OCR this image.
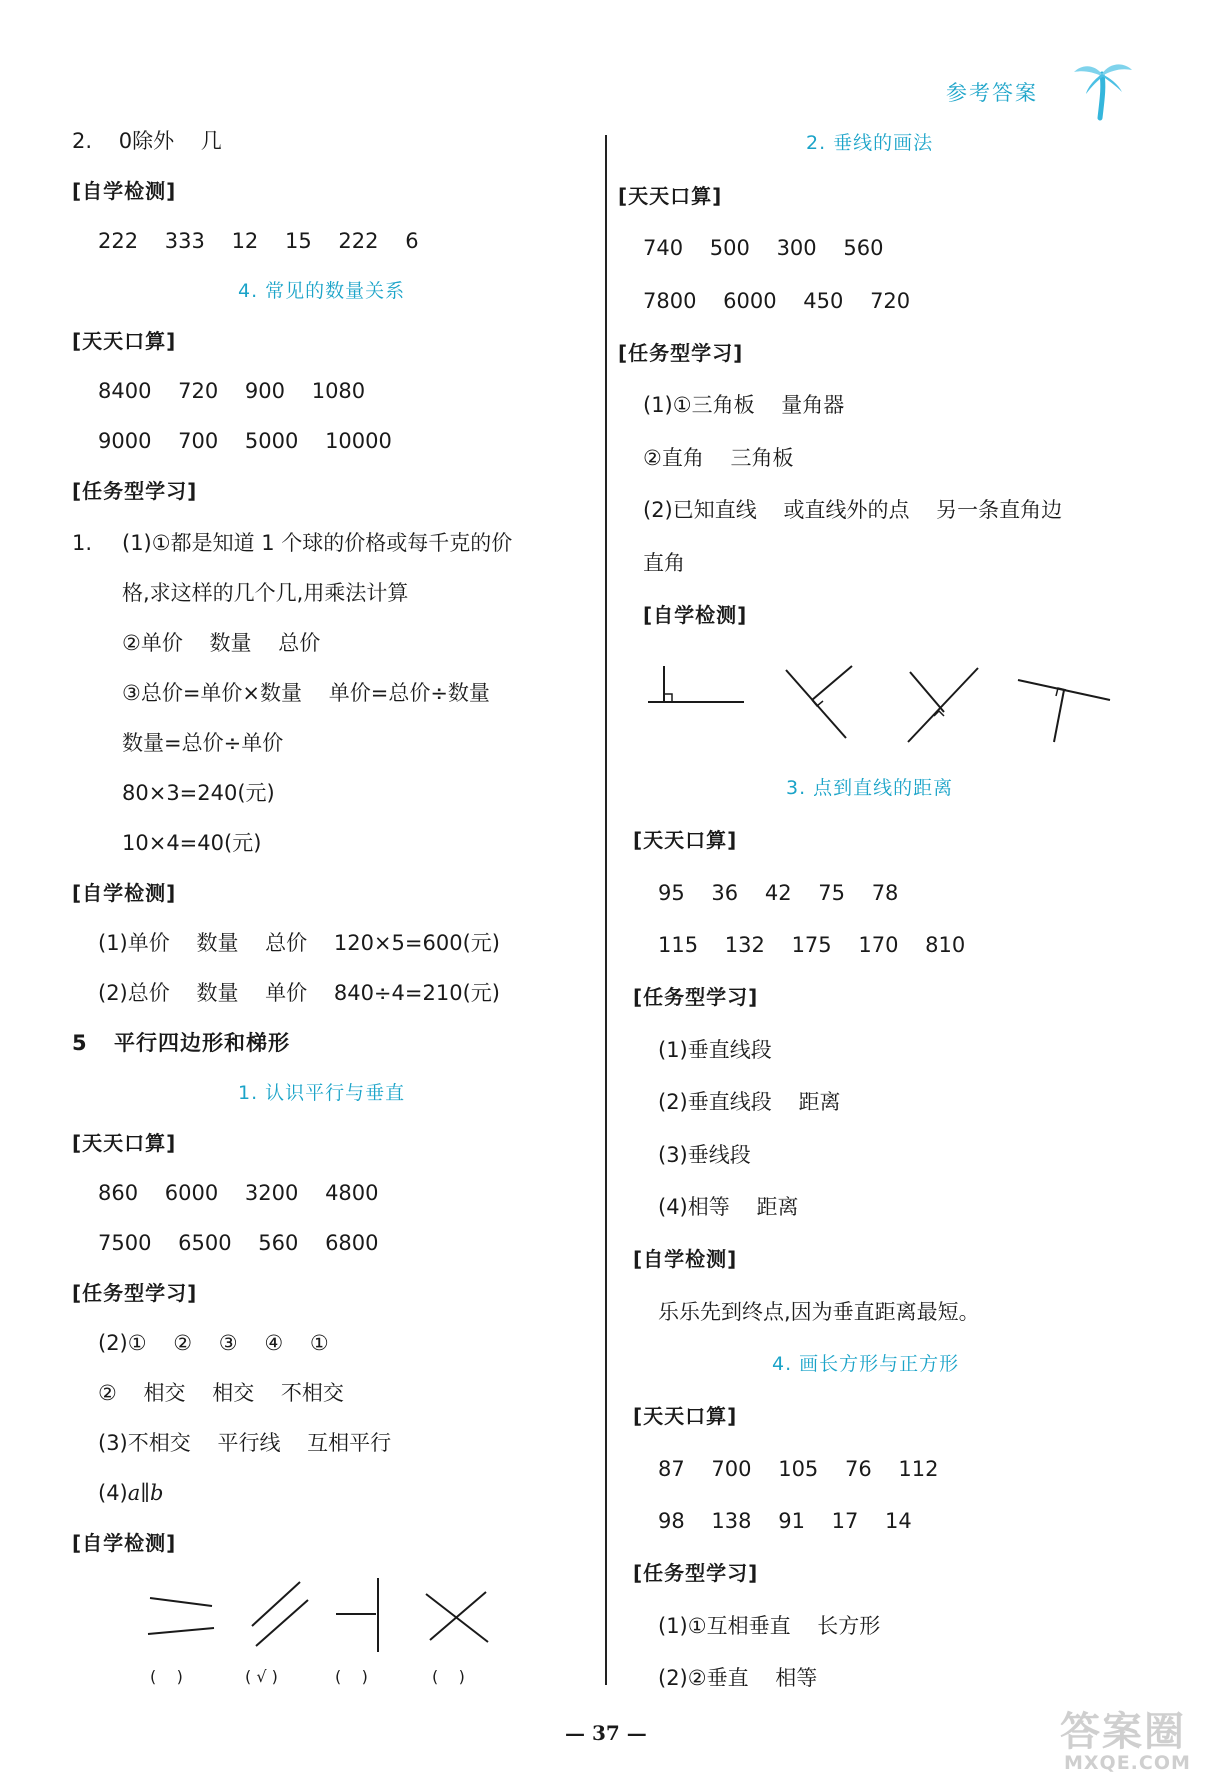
参考答案
2.    0除外    几
[自学检测]
222    333    12    15    222    6
4. 常见的数量关系
[天天口算]
8400    720    900    1080
9000    700    5000    10000
[任务型学习]
1. (1)①都是知道 1 个球的价格或每千克的价
格,求这样的几个几,用乘法计算
②单价    数量    总价
③总价=单价×数量    单价=总价÷数量
数量=总价÷单价
80×3=240(元)
10×4=40(元)
[自学检测]
(1)单价    数量    总价    120×5=600(元)
(2)总价    数量    单价    840÷4=210(元)
5 平行四边形和梯形
1. 认识平行与垂直
[天天口算]
860    6000    3200    4800
7500    6500    560    6800
[任务型学习]
(2)①    ②    ③    ④    ①
②    相交    相交    不相交
(3)不相交    平行线    互相平行
(4)a∥b
[自学检测]
(    )	( √ )	(    )	(    )
2. 垂线的画法
[天天口算]
740    500    300    560
7800    6000    450    720
[任务型学习]
(1)①三角板    量角器
②直角    三角板
(2)已知直线    或直线外的点    另一条直角边
直角
[自学检测]
3. 点到直线的距离
[天天口算]
95    36    42    75    78
115    132    175    170    810
[任务型学习]
(1)垂直线段
(2)垂直线段    距离
(3)垂线段
(4)相等    距离
[自学检测]
乐乐先到终点,因为垂直距离最短。
4. 画长方形与正方形
[天天口算]
87    700    105    76    112
98    138    91    17    14
[任务型学习]
(1)①互相垂直    长方形
(2)②垂直    相等
— 37 —	答案圈
MXQE.COM
